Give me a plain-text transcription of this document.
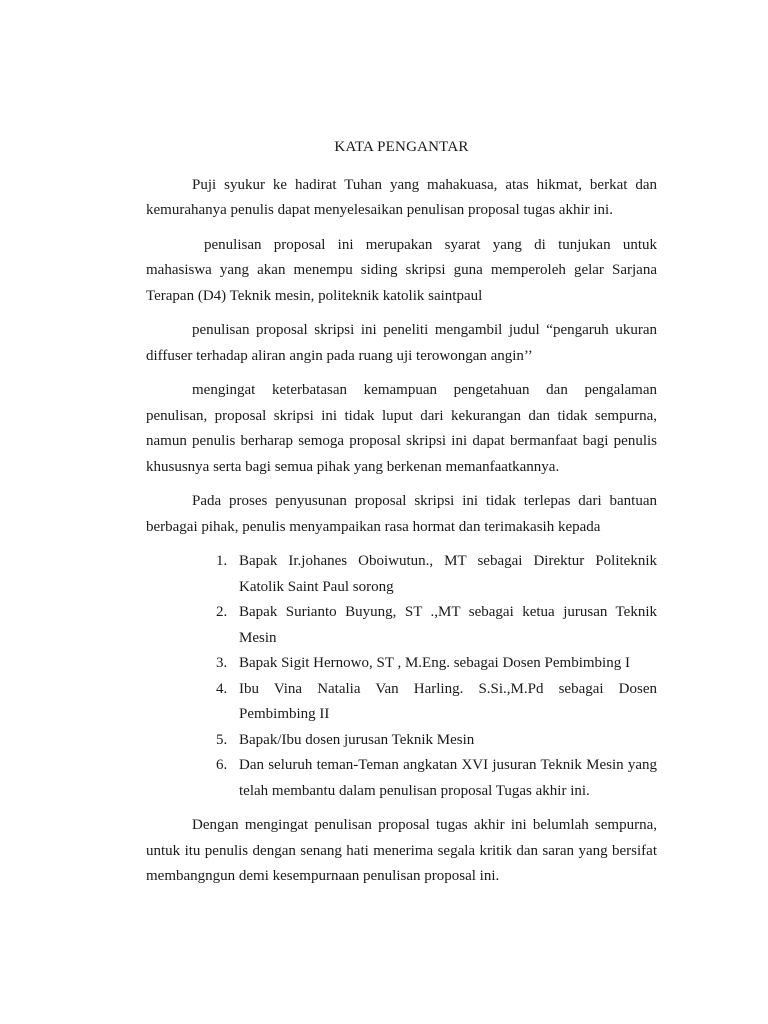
KATA PENGANTAR

Puji syukur ke hadirat Tuhan yang mahakuasa, atas hikmat, berkat dan kemurahanya penulis dapat menyelesaikan penulisan proposal tugas akhir ini.

penulisan proposal ini merupakan syarat yang di tunjukan untuk mahasiswa yang akan menempu siding skripsi guna memperoleh gelar Sarjana Terapan (D4) Teknik mesin, politeknik katolik saintpaul

penulisan proposal skripsi ini peneliti mengambil judul “pengaruh ukuran diffuser terhadap aliran angin pada ruang uji terowongan angin’’

mengingat keterbatasan kemampuan pengetahuan dan pengalaman penulisan, proposal skripsi ini tidak luput dari kekurangan dan tidak sempurna, namun penulis berharap semoga proposal skripsi ini dapat bermanfaat bagi penulis khususnya serta bagi semua pihak yang berkenan memanfaatkannya.

Pada proses penyusunan proposal skripsi ini tidak terlepas dari bantuan berbagai pihak, penulis menyampaikan rasa hormat dan terimakasih kepada

1. Bapak Ir.johanes Oboiwutun., MT sebagai Direktur Politeknik Katolik Saint Paul sorong
2. Bapak Surianto Buyung, ST .,MT sebagai ketua jurusan Teknik Mesin
3. Bapak Sigit Hernowo, ST , M.Eng. sebagai Dosen Pembimbing I
4. Ibu Vina Natalia Van Harling. S.Si.,M.Pd sebagai Dosen Pembimbing II
5. Bapak/Ibu dosen jurusan Teknik Mesin
6. Dan seluruh teman-Teman angkatan XVI jusuran Teknik Mesin yang telah membantu dalam penulisan proposal Tugas akhir ini.

Dengan mengingat penulisan proposal tugas akhir ini belumlah sempurna, untuk itu penulis dengan senang hati menerima segala kritik dan saran yang bersifat membangngun demi kesempurnaan penulisan proposal ini.
